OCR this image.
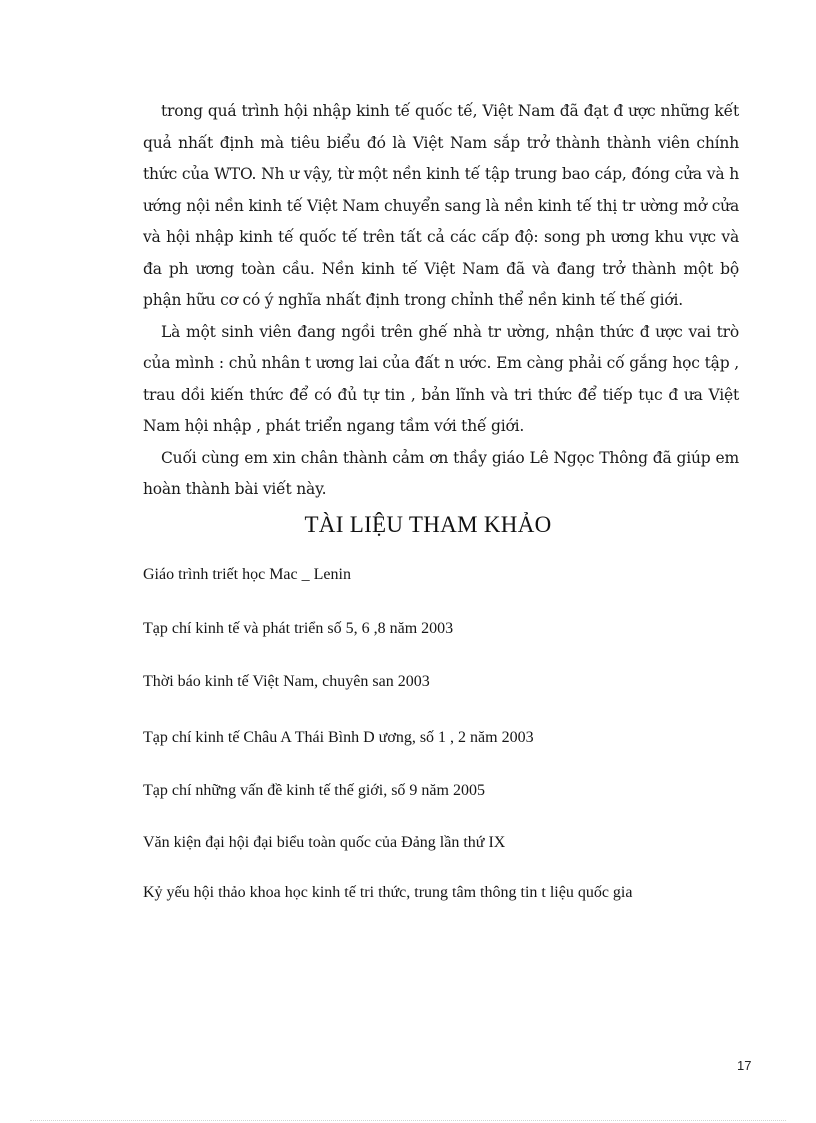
trong quá trình hội nhập kinh tế quốc tế, Việt Nam đã đạt đ ược những kết quả nhất định mà tiêu biểu đó là Việt Nam sắp trở thành thành viên chính thức của WTO. Nh ư vậy, từ một nền kinh tế tập trung bao cáp, đóng cửa và h ướng nội nền kinh tế Việt Nam chuyển sang là nền kinh tế thị tr ường mở cửa và hội nhập kinh tế quốc tế trên tất cả các cấp độ: song ph ương khu vực và đa ph ương toàn cầu. Nền kinh tế Việt Nam đã và đang trở thành một bộ phận hữu cơ có ý nghĩa nhất định trong chỉnh thể nền kinh tế thế giới.

Là một sinh viên đang ngồi trên ghế nhà tr ường, nhận thức đ ược vai trò của mình : chủ nhân t ương lai của đất n ước. Em càng phải cố gắng học tập , trau dồi kiến thức để có đủ tự tin , bản lĩnh và tri thức để tiếp tục đ ưa Việt Nam hội nhập , phát triển ngang tầm với thế giới.

Cuối cùng em xin chân thành cảm ơn thầy giáo Lê Ngọc Thông đã giúp em hoàn thành bài viết này.

TÀI LIỆU THAM KHẢO
Giáo trình triết học Mac _ Lenin
Tạp chí kinh tế và phát triển số 5, 6 ,8 năm 2003
Thời báo kinh tế Việt Nam, chuyên san 2003
Tạp chí kinh tế Châu A Thái Bình D ương, số 1 , 2 năm 2003
Tạp chí những vấn đề kinh tế thế giới, số 9 năm 2005
Văn kiện đại hội đại biểu toàn quốc của Đảng lần thứ IX
Kỷ yếu hội thảo khoa học kinh tế tri thức, trung tâm thông tin t liệu quốc gia
17
